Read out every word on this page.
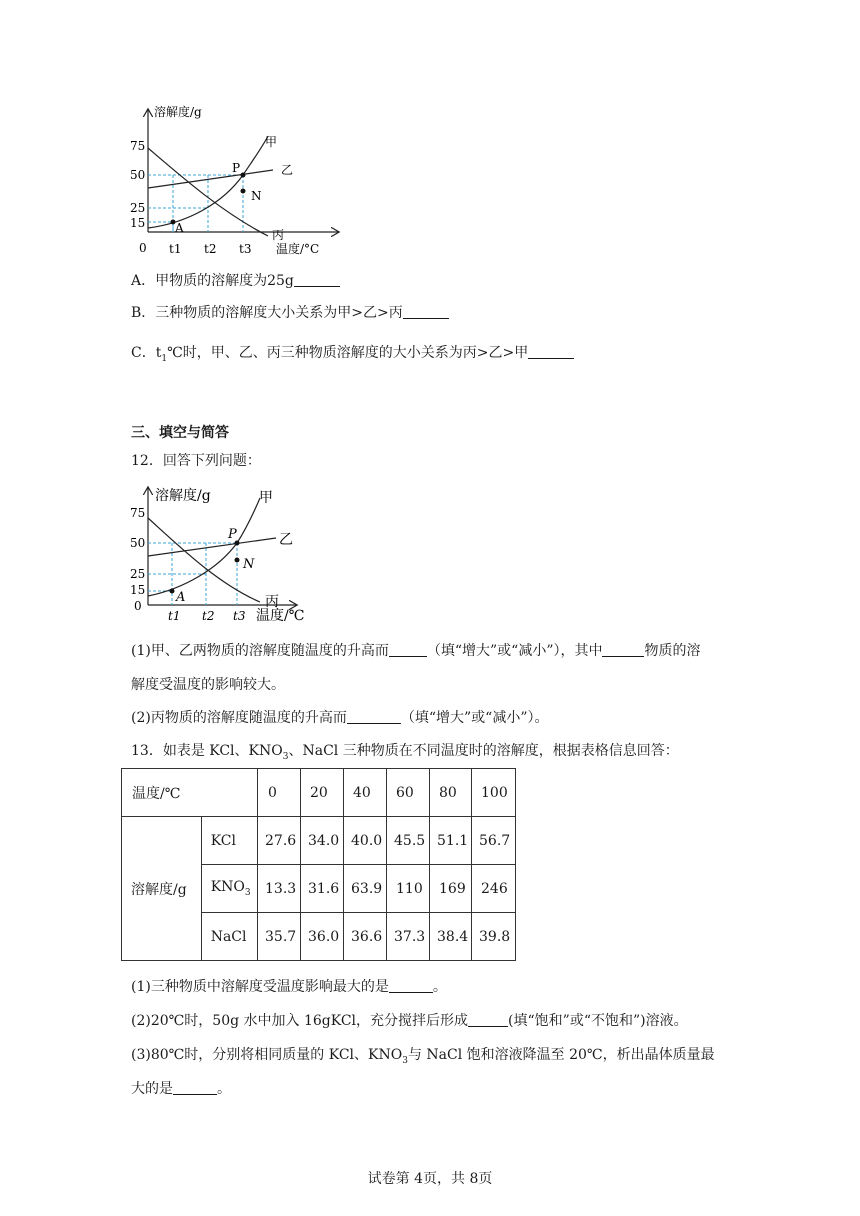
溶解度/g
75
50
25
15
0 t1 t2 t3 温度/°C
甲
乙
丙
P
N
A
A．甲物质的溶解度为25g
B．三种物质的溶解度大小关系为甲>乙>丙
C．$t_1℃$时，甲、乙、丙三种物质溶解度的大小关系为丙>乙>甲
三、填空与简答
12．回答下列问题：
溶解度/g
75
50
25
15
0
t1 t2 t3 温度/℃
甲
乙
丙
P
N
A
(1)甲、乙两物质的溶解度随温度的升高而	（填“增大”或“减小”），其中	物质的溶
解度受温度的影响较大。
(2)丙物质的溶解度随温度的升高而	（填“增大”或“减小”）。
13．如表是 KCl、$KNO_3$、NaCl 三种物质在不同温度时的溶解度，根据表格信息回答：
温度/℃		0	20	40	60	80	100
溶解度/g	KCl	27.6	34.0	40.0	45.5	51.1	56.7
	$KNO_3$	13.3	31.6	63.9	110	169	246
	NaCl	35.7	36.0	36.6	37.3	38.4	39.8
(1)三种物质中溶解度受温度影响最大的是	。
(2)20℃时，50g 水中加入 16gKCl，充分搅拌后形成	(填“饱和”或“不饱和”)溶液。
(3)80℃时，分别将相同质量的 KCl、$KNO_3$与 NaCl 饱和溶液降温至 20℃，析出晶体质量最
大的是	。
试卷第 4页，共 8页
